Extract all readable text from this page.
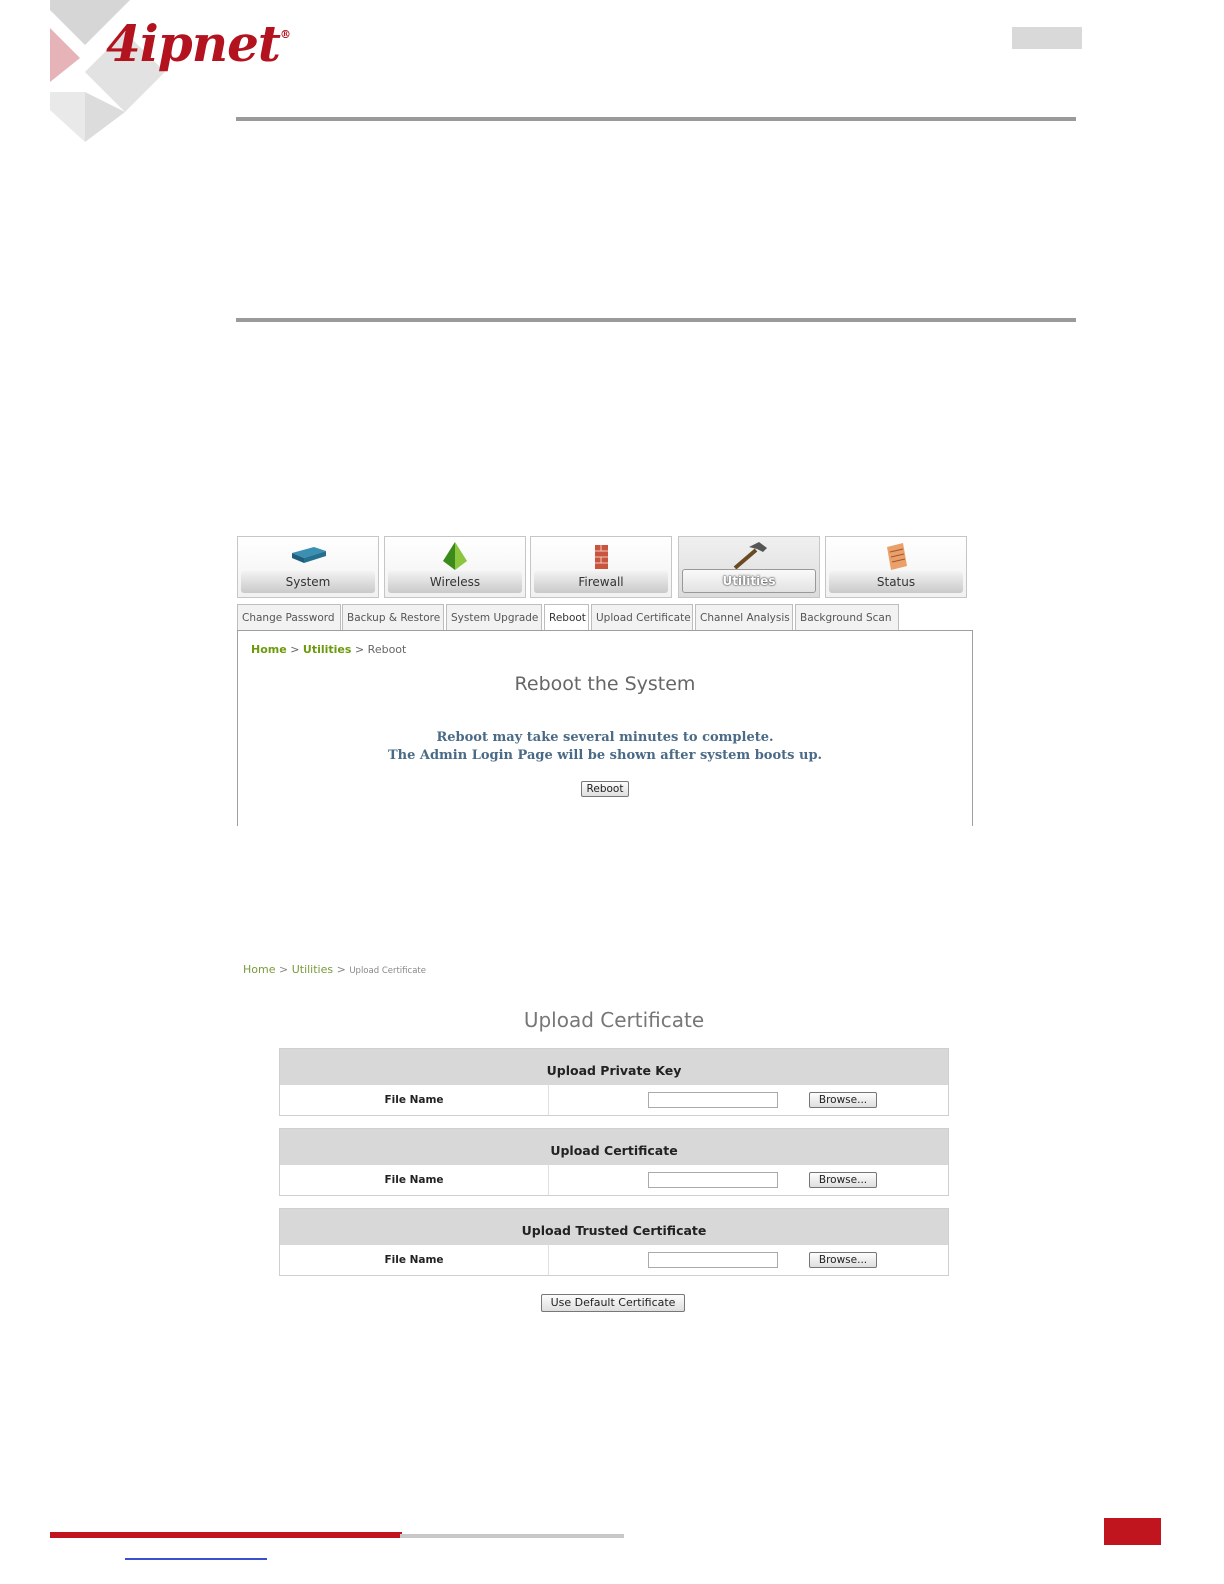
4ipnet®
System	Wireless	Firewall	Utilities	Status
Change Password	Backup & Restore	System Upgrade	Reboot Upload Certificate Channel Analysis Background Scan
Home > Utilities > Reboot
Reboot the System
Reboot may take several minutes to complete.
The Admin Login Page will be shown after system boots up.
Reboot
Home > Utilities > Upload Certificate
Upload Certificate
Upload Private Key
File Name	Browse...
Upload Certificate
File Name	Browse...
Upload Trusted Certificate
File Name	Browse...
Use Default Certificate
